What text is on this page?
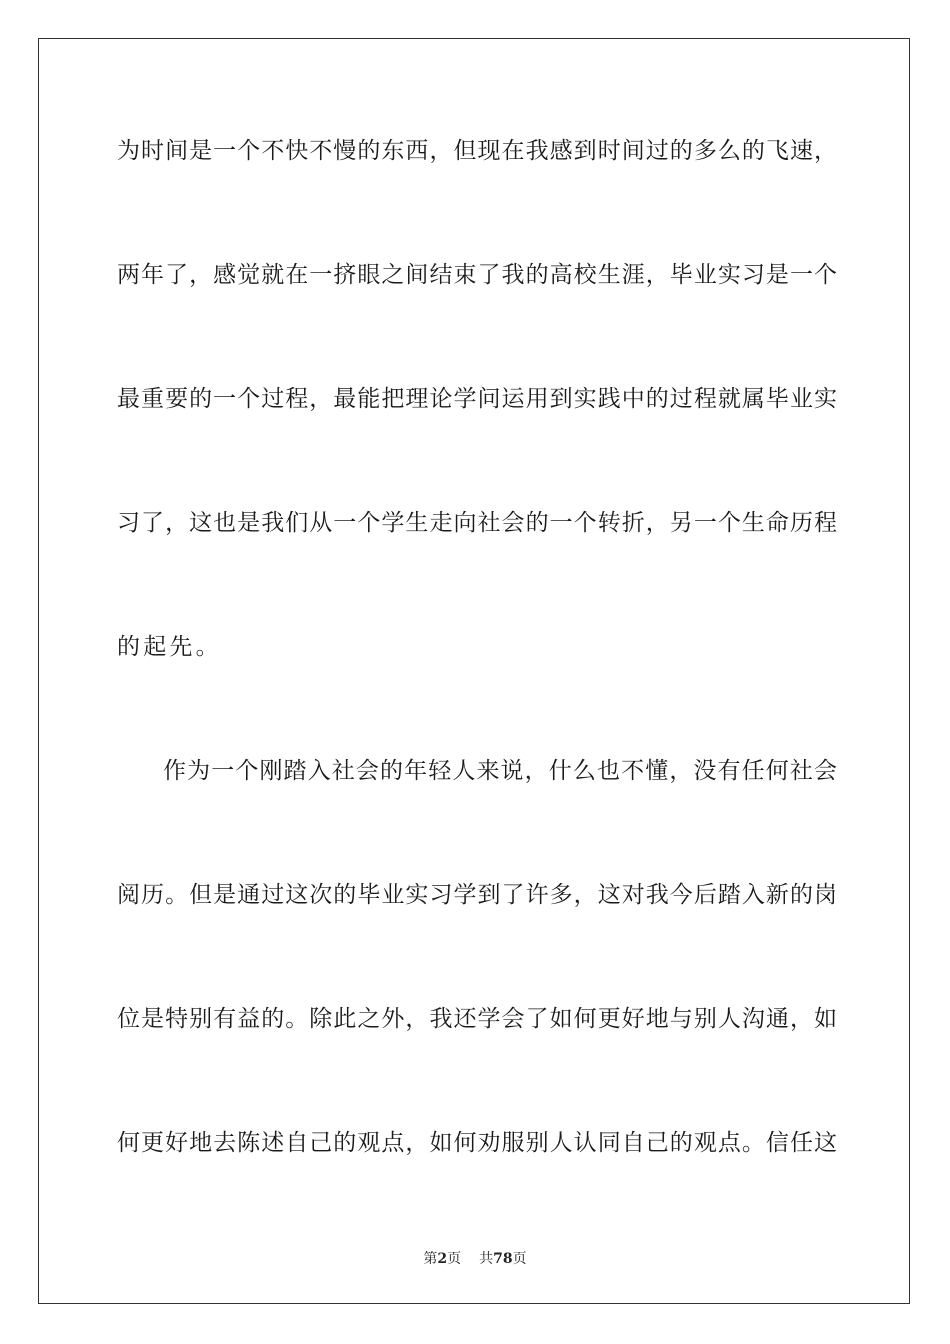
为时间是一个不快不慢的东西，但现在我感到时间过的多么的飞速，
两年了，感觉就在一挤眼之间结束了我的高校生涯，毕业实习是一个
最重要的一个过程，最能把理论学问运用到实践中的过程就属毕业实
习了，这也是我们从一个学生走向社会的一个转折，另一个生命历程
的起先。
作为一个刚踏入社会的年轻人来说，什么也不懂，没有任何社会
阅历。但是通过这次的毕业实习学到了许多，这对我今后踏入新的岗
位是特别有益的。除此之外，我还学会了如何更好地与别人沟通，如
何更好地去陈述自己的观点，如何劝服别人认同自己的观点。信任这
第2页 共78页
